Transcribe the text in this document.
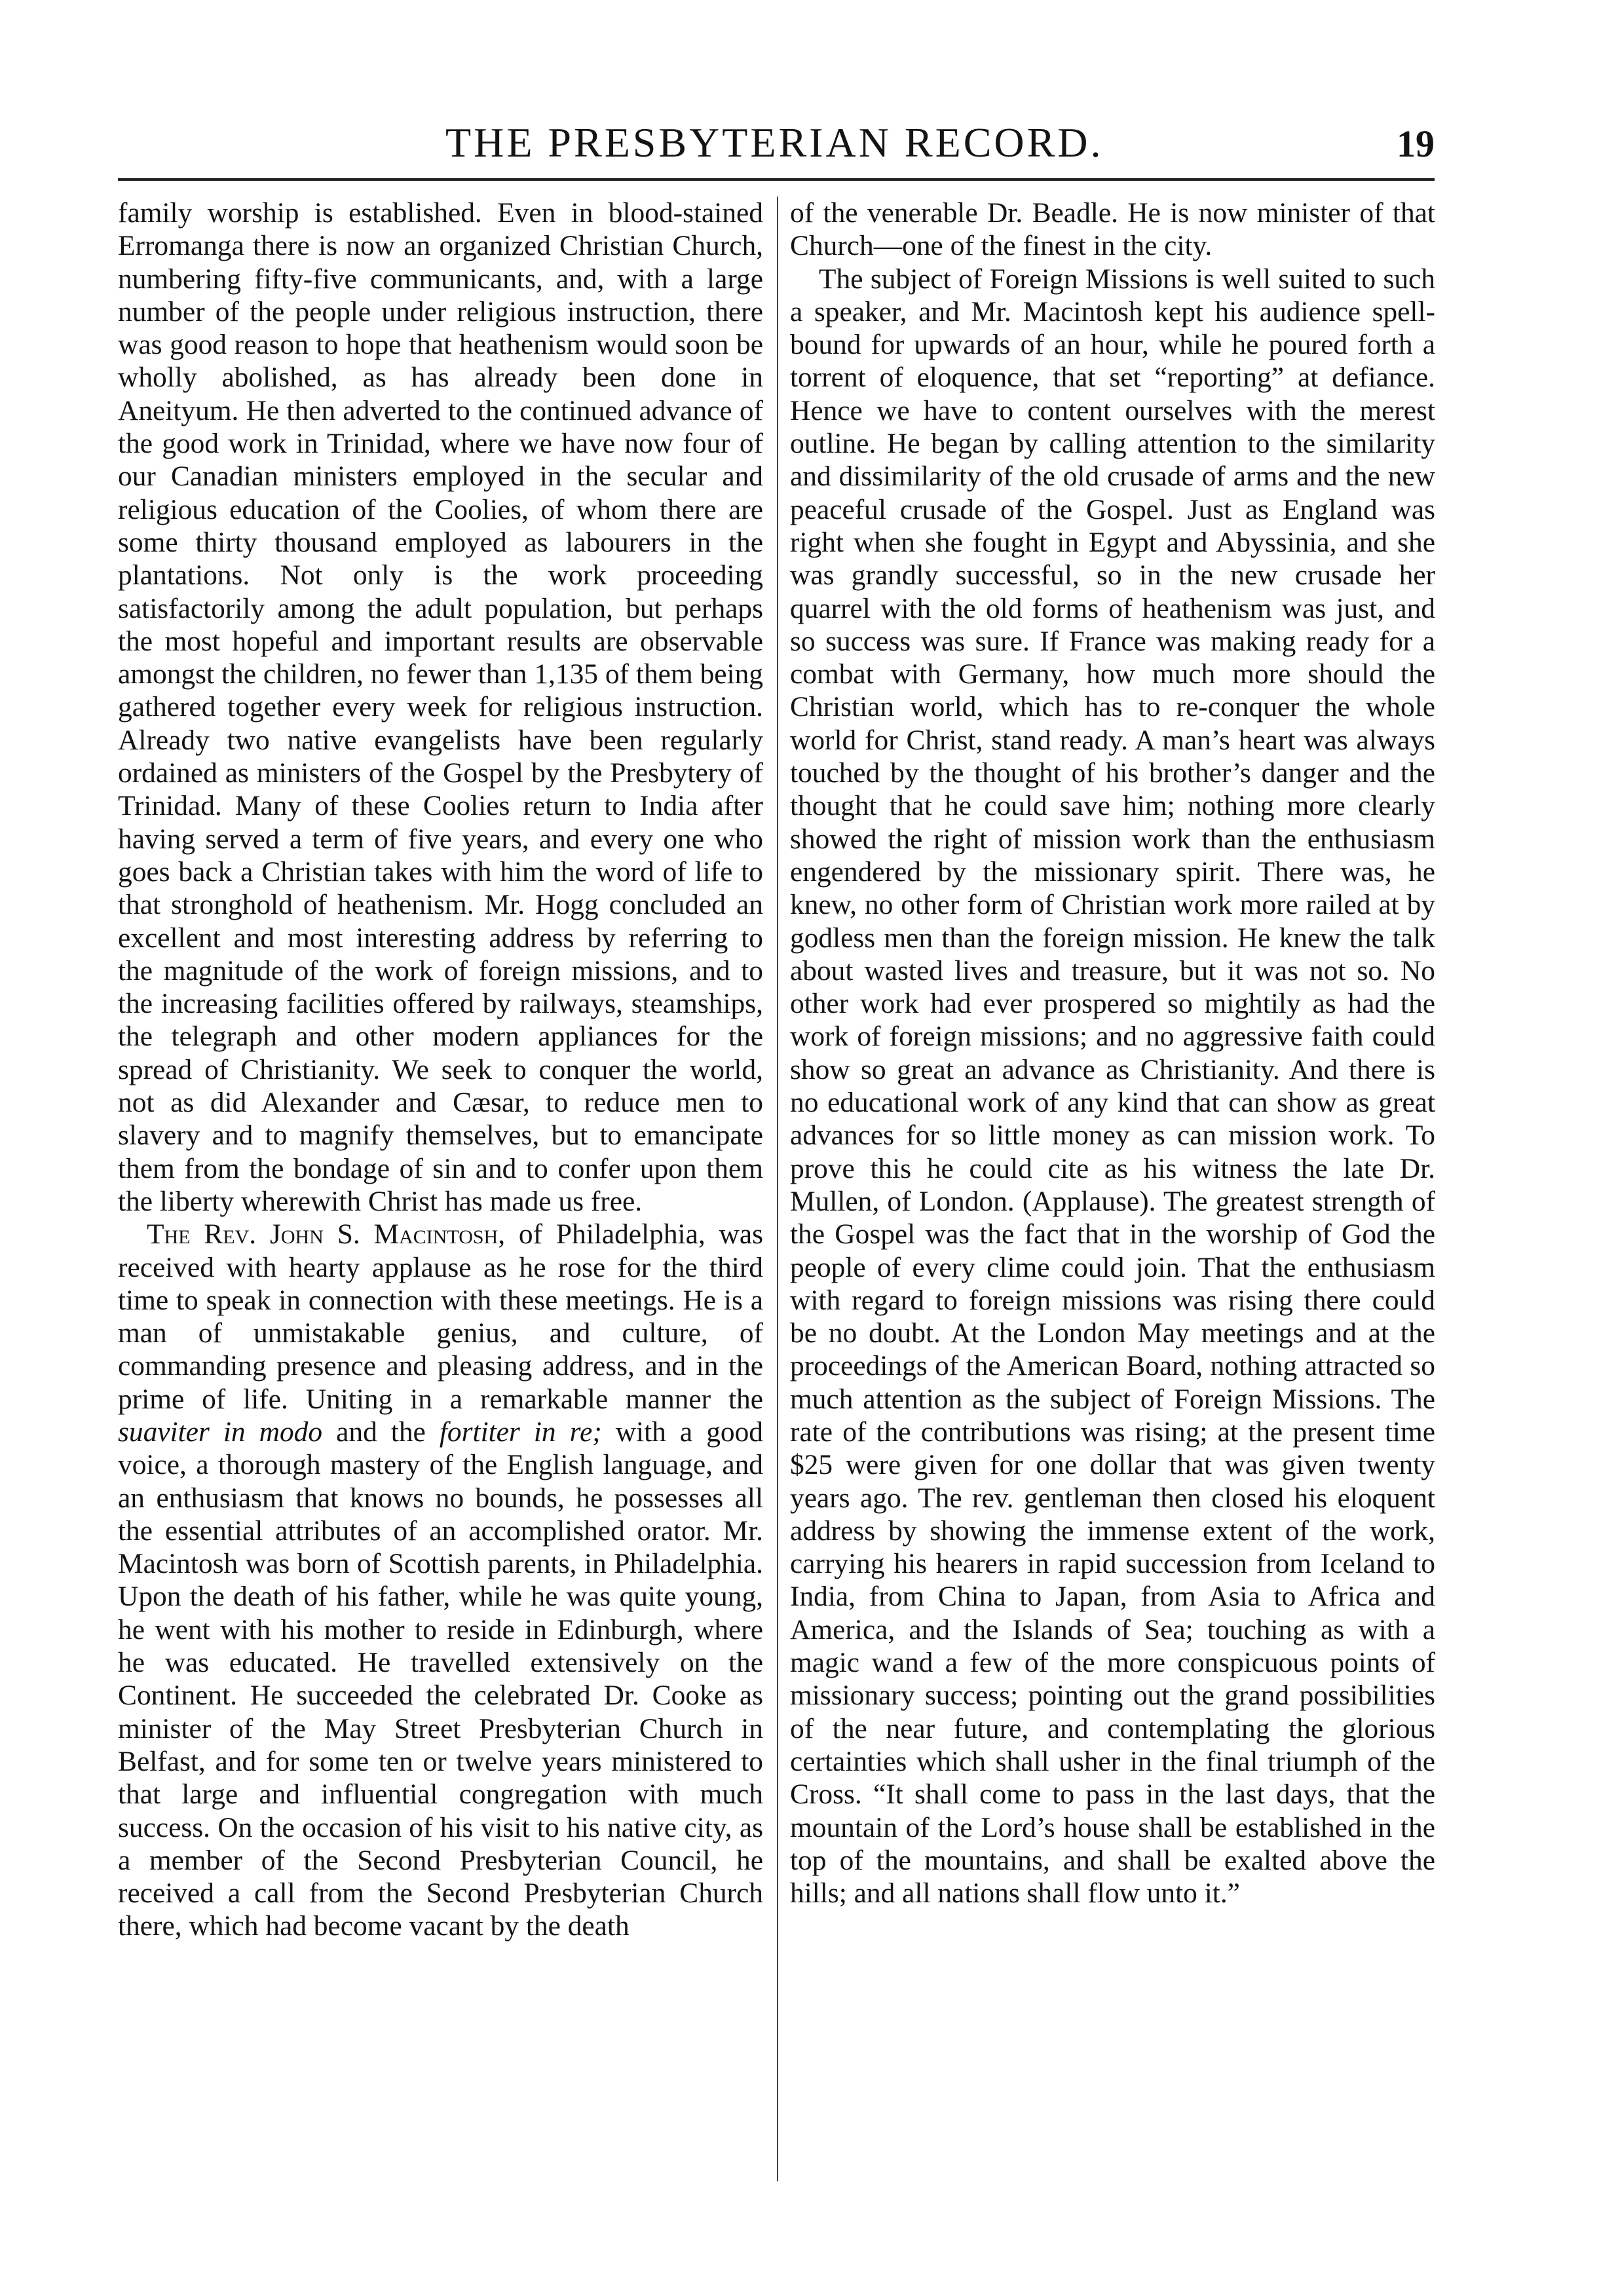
THE PRESBYTERIAN RECORD.	19

family worship is established. Even in blood-stained Erromanga there is now an organized Christian Church, numbering fifty-five communicants, and, with a large number of the people under religious instruction, there was good reason to hope that heathenism would soon be wholly abolished, as has already been done in Aneityum. He then adverted to the continued advance of the good work in Trinidad, where we have now four of our Canadian ministers employed in the secular and religious education of the Coolies, of whom there are some thirty thousand employed as labourers in the plantations. Not only is the work proceeding satisfactorily among the adult population, but perhaps the most hopeful and important results are observable amongst the children, no fewer than 1,135 of them being gathered together every week for religious instruction. Already two native evangelists have been regularly ordained as ministers of the Gospel by the Presbytery of Trinidad. Many of these Coolies return to India after having served a term of five years, and every one who goes back a Christian takes with him the word of life to that stronghold of heathenism. Mr. Hogg concluded an excellent and most interesting address by referring to the magnitude of the work of foreign missions, and to the increasing facilities offered by railways, steamships, the telegraph and other modern appliances for the spread of Christianity. We seek to conquer the world, not as did Alexander and Cæsar, to reduce men to slavery and to magnify themselves, but to emancipate them from the bondage of sin and to confer upon them the liberty wherewith Christ has made us free.

The Rev. John S. Macintosh, of Philadelphia, was received with hearty applause as he rose for the third time to speak in connection with these meetings. He is a man of unmistakable genius, and culture, of commanding presence and pleasing address, and in the prime of life. Uniting in a remarkable manner the suaviter in modo and the fortiter in re; with a good voice, a thorough mastery of the English language, and an enthusiasm that knows no bounds, he possesses all the essential attributes of an accomplished orator. Mr. Macintosh was born of Scottish parents, in Philadelphia. Upon the death of his father, while he was quite young, he went with his mother to reside in Edinburgh, where he was educated. He travelled extensively on the Continent. He succeeded the celebrated Dr. Cooke as minister of the May Street Presbyterian Church in Belfast, and for some ten or twelve years ministered to that large and influential congregation with much success. On the occasion of his visit to his native city, as a member of the Second Presbyterian Council, he received a call from the Second Presbyterian Church there, which had become vacant by the death

of the venerable Dr. Beadle. He is now minister of that Church—one of the finest in the city.

The subject of Foreign Missions is well suited to such a speaker, and Mr. Macintosh kept his audience spell-bound for upwards of an hour, while he poured forth a torrent of eloquence, that set “reporting” at defiance. Hence we have to content ourselves with the merest outline. He began by calling attention to the similarity and dissimilarity of the old crusade of arms and the new peaceful crusade of the Gospel. Just as England was right when she fought in Egypt and Abyssinia, and she was grandly successful, so in the new crusade her quarrel with the old forms of heathenism was just, and so success was sure. If France was making ready for a combat with Germany, how much more should the Christian world, which has to re-conquer the whole world for Christ, stand ready. A man’s heart was always touched by the thought of his brother’s danger and the thought that he could save him; nothing more clearly showed the right of mission work than the enthusiasm engendered by the missionary spirit. There was, he knew, no other form of Christian work more railed at by godless men than the foreign mission. He knew the talk about wasted lives and treasure, but it was not so. No other work had ever prospered so mightily as had the work of foreign missions; and no aggressive faith could show so great an advance as Christianity. And there is no educational work of any kind that can show as great advances for so little money as can mission work. To prove this he could cite as his witness the late Dr. Mullen, of London. (Applause). The greatest strength of the Gospel was the fact that in the worship of God the people of every clime could join. That the enthusiasm with regard to foreign missions was rising there could be no doubt. At the London May meetings and at the proceedings of the American Board, nothing attracted so much attention as the subject of Foreign Missions. The rate of the contributions was rising; at the present time $25 were given for one dollar that was given twenty years ago. The rev. gentleman then closed his eloquent address by showing the immense extent of the work, carrying his hearers in rapid succession from Iceland to India, from China to Japan, from Asia to Africa and America, and the Islands of Sea; touching as with a magic wand a few of the more conspicuous points of missionary success; pointing out the grand possibilities of the near future, and contemplating the glorious certainties which shall usher in the final triumph of the Cross. “It shall come to pass in the last days, that the mountain of the Lord’s house shall be established in the top of the mountains, and shall be exalted above the hills; and all nations shall flow unto it.”
